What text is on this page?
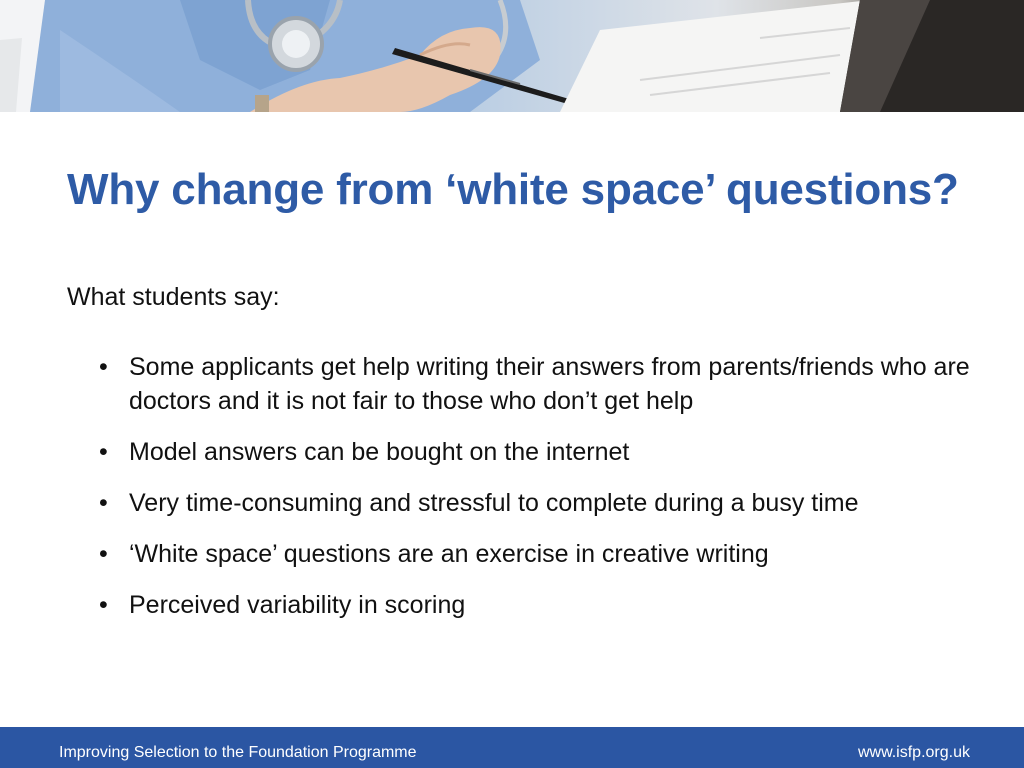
Why change from ‘white space’ questions?

What students say:

• Some applicants get help writing their answers from parents/friends who are doctors and it is not fair to those who don’t get help
• Model answers can be bought on the internet
• Very time-consuming and stressful to complete during a busy time
• ‘White space’ questions are an exercise in creative writing
• Perceived variability in scoring
Improving Selection to the Foundation Programme	www.isfp.org.uk
